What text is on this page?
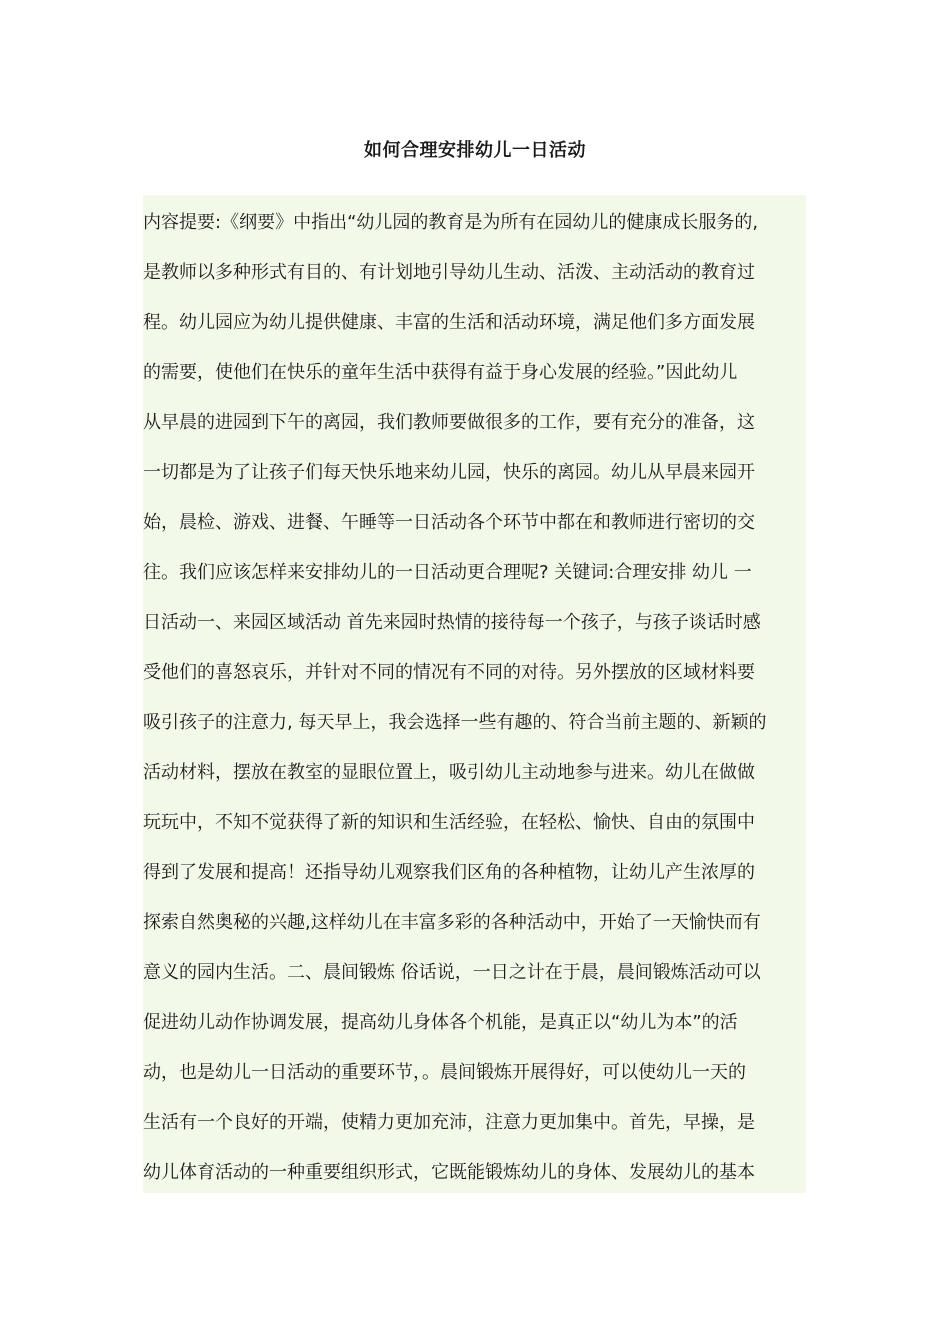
如何合理安排幼儿一日活动
内容提要:《纲要》中指出“幼儿园的教育是为所有在园幼儿的健康成长服务的,
是教师以多种形式有目的、有计划地引导幼儿生动、活泼、主动活动的教育过
程。幼儿园应为幼儿提供健康、丰富的生活和活动环境，满足他们多方面发展
的需要，使他们在快乐的童年生活中获得有益于身心发展的经验。”因此幼儿
从早晨的进园到下午的离园，我们教师要做很多的工作，要有充分的准备，这
一切都是为了让孩子们每天快乐地来幼儿园，快乐的离园。幼儿从早晨来园开
始，晨检、游戏、进餐、午睡等一日活动各个环节中都在和教师进行密切的交
往。我们应该怎样来安排幼儿的一日活动更合理呢? 关键词:合理安排 幼儿 一
日活动一、来园区域活动 首先来园时热情的接待每一个孩子，与孩子谈话时感
受他们的喜怒哀乐，并针对不同的情况有不同的对待。另外摆放的区域材料要
吸引孩子的注意力, 每天早上，我会选择一些有趣的、符合当前主题的、新颖的
活动材料，摆放在教室的显眼位置上，吸引幼儿主动地参与进来。幼儿在做做
玩玩中，不知不觉获得了新的知识和生活经验，在轻松、愉快、自由的氛围中
得到了发展和提高！还指导幼儿观察我们区角的各种植物，让幼儿产生浓厚的
探索自然奥秘的兴趣,这样幼儿在丰富多彩的各种活动中，开始了一天愉快而有
意义的园内生活。二、晨间锻炼 俗话说，一日之计在于晨，晨间锻炼活动可以
促进幼儿动作协调发展，提高幼儿身体各个机能，是真正以“幼儿为本”的活
动，也是幼儿一日活动的重要环节，。晨间锻炼开展得好，可以使幼儿一天的
生活有一个良好的开端，使精力更加充沛，注意力更加集中。首先，早操，是
幼儿体育活动的一种重要组织形式，它既能锻炼幼儿的身体、发展幼儿的基本
